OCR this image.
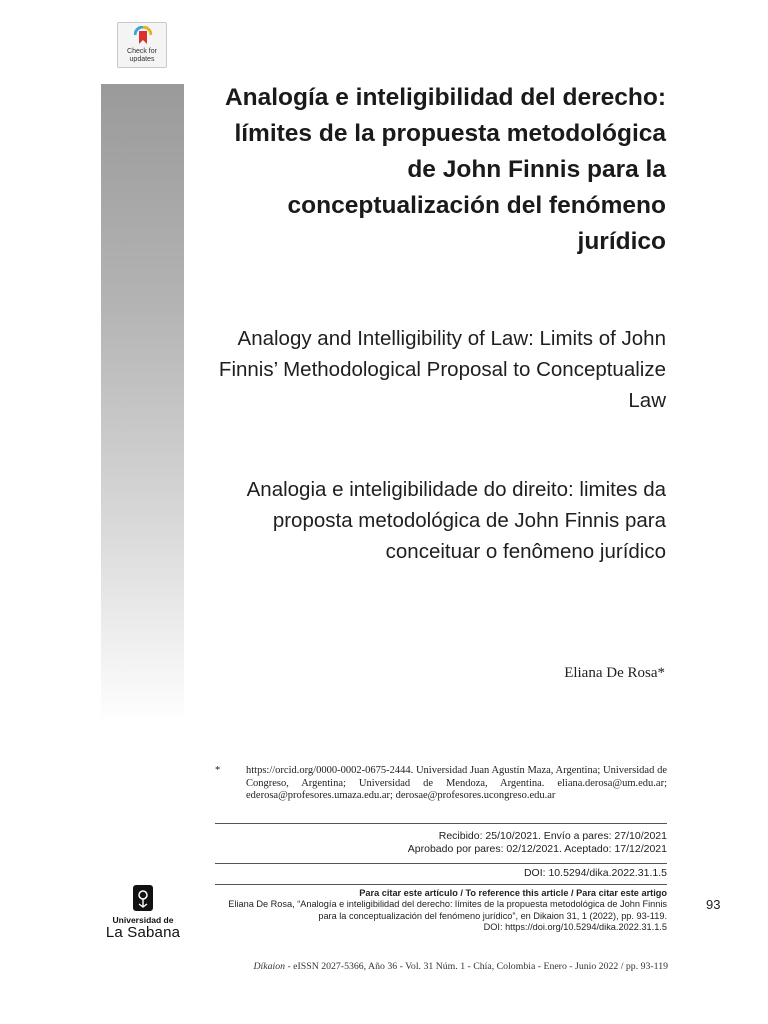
Check for updates
Analogía e inteligibilidad del derecho: límites de la propuesta metodológica de John Finnis para la conceptualización del fenómeno jurídico
Analogy and Intelligibility of Law: Limits of John Finnis’ Methodological Proposal to Conceptualize Law
Analogia e inteligibilidade do direito: limites da proposta metodológica de John Finnis para conceituar o fenômeno jurídico
Eliana De Rosa*
* https://orcid.org/0000-0002-0675-2444. Universidad Juan Agustín Maza, Argentina; Universidad de Congreso, Argentina; Universidad de Mendoza, Argentina. eliana.derosa@um.edu.ar; ederosa@profesores.umaza.edu.ar; derosae@profesores.ucongreso.edu.ar
Recibido: 25/10/2021. Envío a pares: 27/10/2021
Aprobado por pares: 02/12/2021. Aceptado: 17/12/2021
DOI: 10.5294/dika.2022.31.1.5
Para citar este artículo / To reference this article / Para citar este artigo
Eliana De Rosa, “Analogía e inteligibilidad del derecho: límites de la propuesta metodológica de John Finnis para la conceptualización del fenómeno jurídico”, en Dikaion 31, 1 (2022), pp. 93-119.
DOI: https://doi.org/10.5294/dika.2022.31.1.5
Universidad de
La Sabana
93
Díkaion - eISSN 2027-5366, Año 36 - Vol. 31 Núm. 1 - Chía, Colombia - Enero - Junio 2022 / pp. 93-119
